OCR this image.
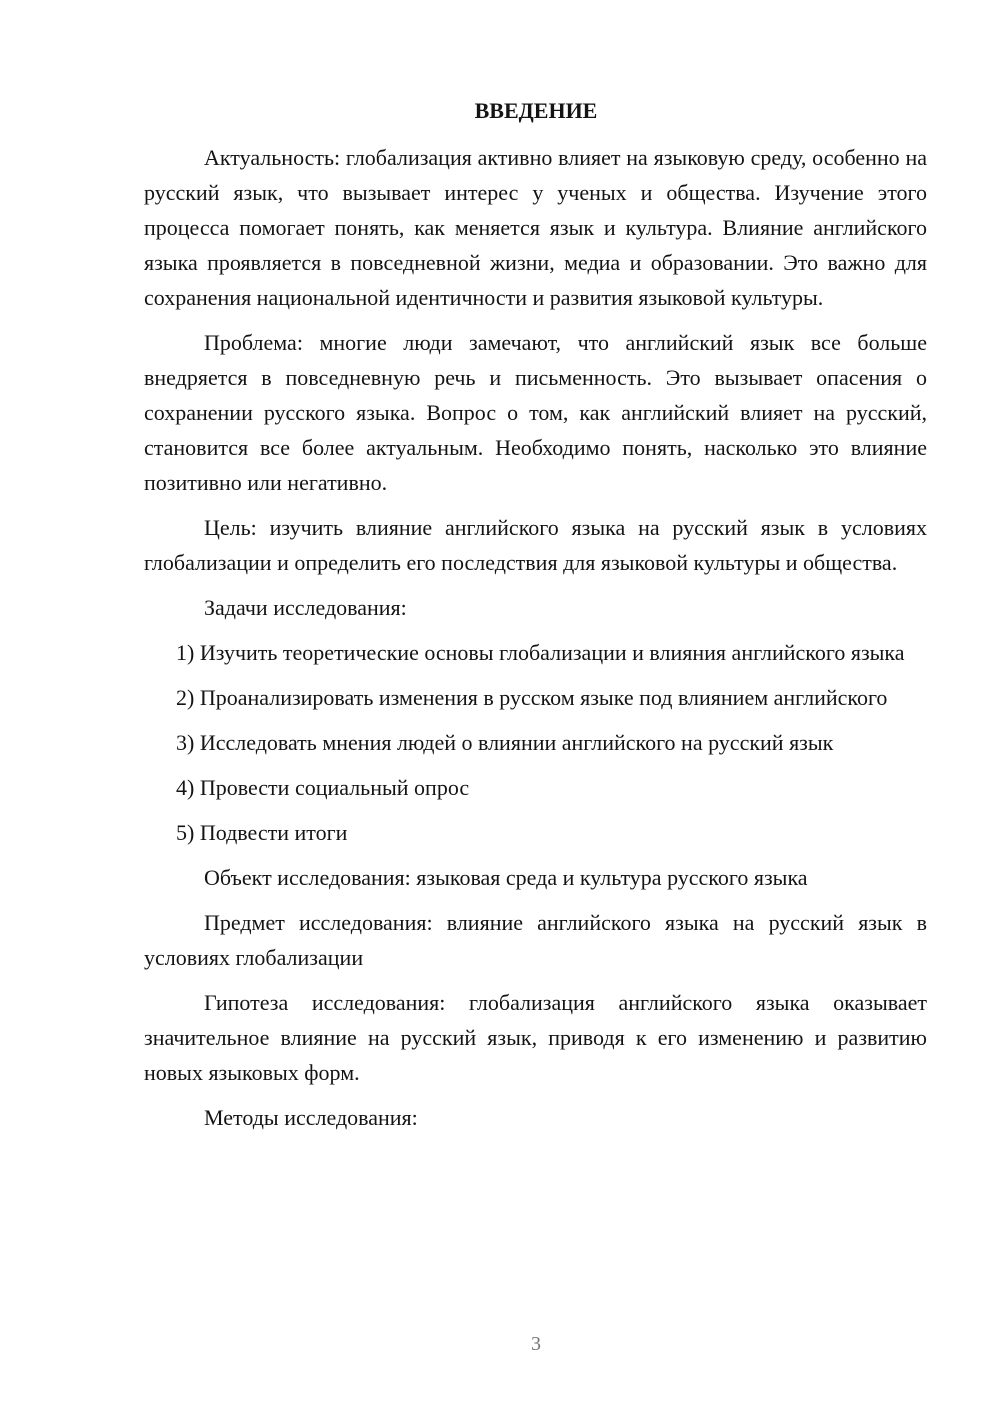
ВВЕДЕНИЕ

Актуальность: глобализация активно влияет на языковую среду, особенно на русский язык, что вызывает интерес у ученых и общества. Изучение этого процесса помогает понять, как меняется язык и культура. Влияние английского языка проявляется в повседневной жизни, медиа и образовании. Это важно для сохранения национальной идентичности и развития языковой культуры.

Проблема: многие люди замечают, что английский язык все больше внедряется в повседневную речь и письменность. Это вызывает опасения о сохранении русского языка. Вопрос о том, как английский влияет на русский, становится все более актуальным. Необходимо понять, насколько это влияние позитивно или негативно.

Цель: изучить влияние английского языка на русский язык в условиях глобализации и определить его последствия для языковой культуры и общества.

Задачи исследования:

1) Изучить теоретические основы глобализации и влияния английского языка

2) Проанализировать изменения в русском языке под влиянием английского

3) Исследовать мнения людей о влиянии английского на русский язык

4) Провести социальный опрос

5) Подвести итоги

Объект исследования: языковая среда и культура русского языка

Предмет исследования: влияние английского языка на русский язык в условиях глобализации

Гипотеза исследования: глобализация английского языка оказывает значительное влияние на русский язык, приводя к его изменению и развитию новых языковых форм.

Методы исследования:

3
